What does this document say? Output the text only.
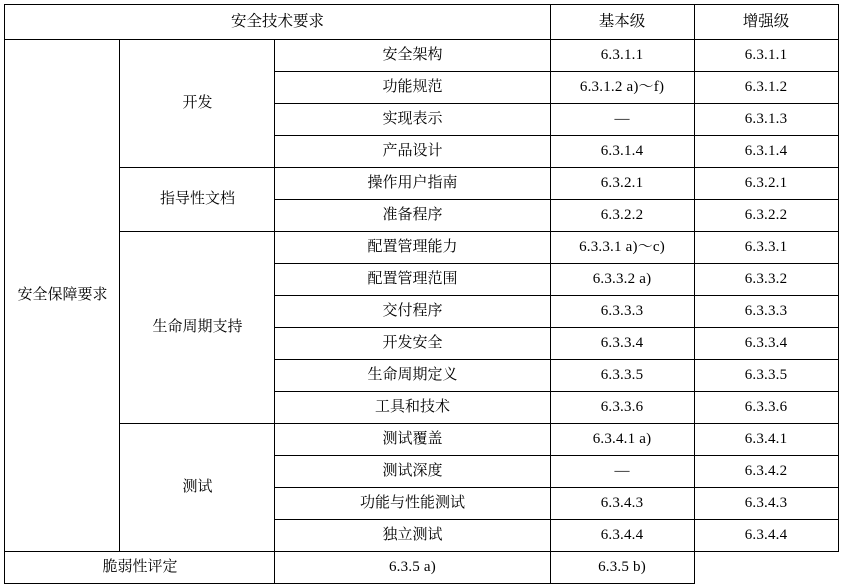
安全技术要求			基本级	增强级
安全保障要求	开发	安全架构	6.3.1.1	6.3.1.1
		功能规范	6.3.1.2 a)～f)	6.3.1.2
		实现表示	—	6.3.1.3
		产品设计	6.3.1.4	6.3.1.4
	指导性文档	操作用户指南	6.3.2.1	6.3.2.1
		准备程序	6.3.2.2	6.3.2.2
	生命周期支持	配置管理能力	6.3.3.1 a)～c)	6.3.3.1
		配置管理范围	6.3.3.2 a)	6.3.3.2
		交付程序	6.3.3.3	6.3.3.3
		开发安全	6.3.3.4	6.3.3.4
		生命周期定义	6.3.3.5	6.3.3.5
		工具和技术	6.3.3.6	6.3.3.6
	测试	测试覆盖	6.3.4.1 a)	6.3.4.1
		测试深度	—	6.3.4.2
		功能与性能测试	6.3.4.3	6.3.4.3
		独立测试	6.3.4.4	6.3.4.4
脆弱性评定		6.3.5 a)	6.3.5 b)	
